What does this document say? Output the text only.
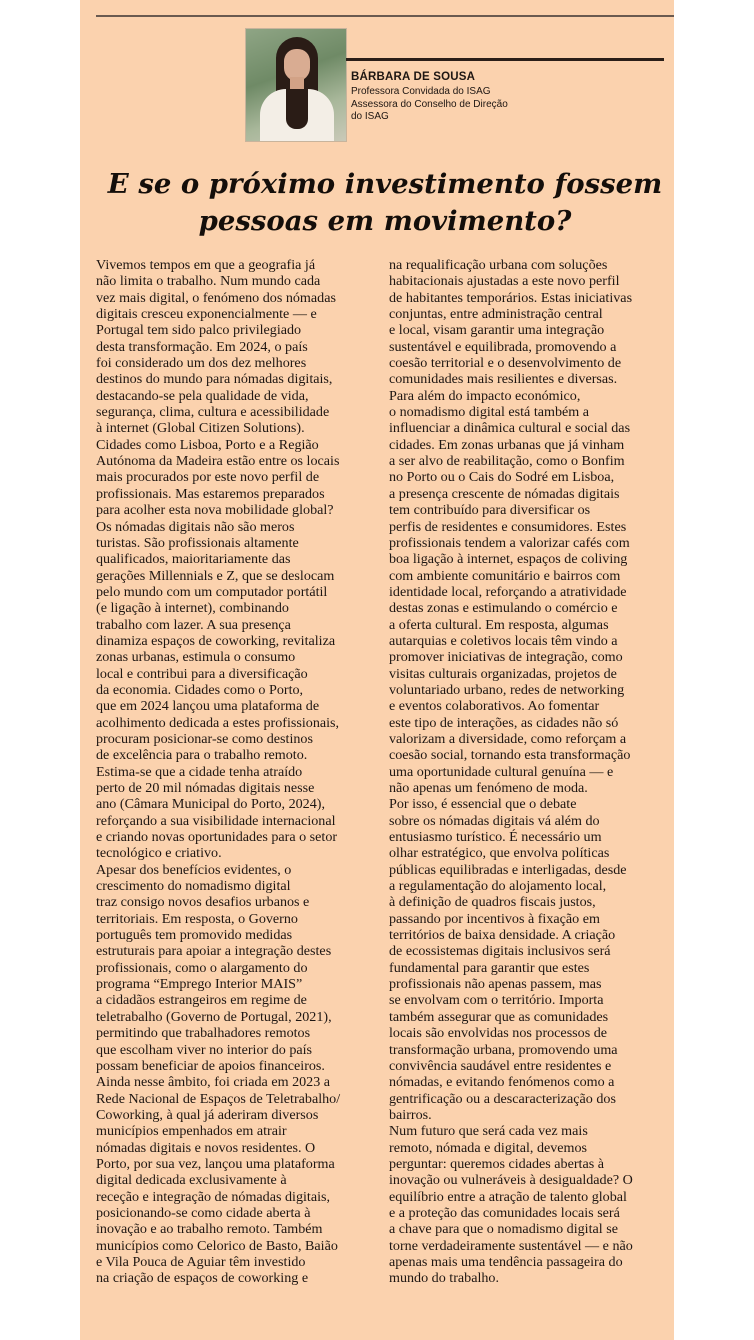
BÁRBARA DE SOUSA
Professora Convidada do ISAG
Assessora do Conselho de Direção
do ISAG
E se o próximo investimento fossem
pessoas em movimento?

Vivemos tempos em que a geografia já

não limita o trabalho. Num mundo cada

vez mais digital, o fenómeno dos nómadas

digitais cresceu exponencialmente — e

Portugal tem sido palco privilegiado

desta transformação. Em 2024, o país

foi considerado um dos dez melhores

destinos do mundo para nómadas digitais,

destacando-se pela qualidade de vida,

segurança, clima, cultura e acessibilidade

à internet (Global Citizen Solutions).

Cidades como Lisboa, Porto e a Região

Autónoma da Madeira estão entre os locais

mais procurados por este novo perfil de

profissionais. Mas estaremos preparados

para acolher esta nova mobilidade global?

Os nómadas digitais não são meros

turistas. São profissionais altamente

qualificados, maioritariamente das

gerações Millennials e Z, que se deslocam

pelo mundo com um computador portátil

(e ligação à internet), combinando

trabalho com lazer. A sua presença

dinamiza espaços de coworking, revitaliza

zonas urbanas, estimula o consumo

local e contribui para a diversificação

da economia. Cidades como o Porto,

que em 2024 lançou uma plataforma de

acolhimento dedicada a estes profissionais,

procuram posicionar-se como destinos

de excelência para o trabalho remoto.

Estima-se que a cidade tenha atraído

perto de 20 mil nómadas digitais nesse

ano (Câmara Municipal do Porto, 2024),

reforçando a sua visibilidade internacional

e criando novas oportunidades para o setor

tecnológico e criativo.

Apesar dos benefícios evidentes, o

crescimento do nomadismo digital

traz consigo novos desafios urbanos e

territoriais. Em resposta, o Governo

português tem promovido medidas

estruturais para apoiar a integração destes

profissionais, como o alargamento do

programa “Emprego Interior MAIS”

a cidadãos estrangeiros em regime de

teletrabalho (Governo de Portugal, 2021),

permitindo que trabalhadores remotos

que escolham viver no interior do país

possam beneficiar de apoios financeiros.

Ainda nesse âmbito, foi criada em 2023 a

Rede Nacional de Espaços de Teletrabalho/

Coworking, à qual já aderiram diversos

municípios empenhados em atrair

nómadas digitais e novos residentes. O

Porto, por sua vez, lançou uma plataforma

digital dedicada exclusivamente à

receção e integração de nómadas digitais,

posicionando-se como cidade aberta à

inovação e ao trabalho remoto. Também

municípios como Celorico de Basto, Baião

e Vila Pouca de Aguiar têm investido

na criação de espaços de coworking e

na requalificação urbana com soluções

habitacionais ajustadas a este novo perfil

de habitantes temporários. Estas iniciativas

conjuntas, entre administração central

e local, visam garantir uma integração

sustentável e equilibrada, promovendo a

coesão territorial e o desenvolvimento de

comunidades mais resilientes e diversas.

Para além do impacto económico,

o nomadismo digital está também a

influenciar a dinâmica cultural e social das

cidades. Em zonas urbanas que já vinham

a ser alvo de reabilitação, como o Bonfim

no Porto ou o Cais do Sodré em Lisboa,

a presença crescente de nómadas digitais

tem contribuído para diversificar os

perfis de residentes e consumidores. Estes

profissionais tendem a valorizar cafés com

boa ligação à internet, espaços de coliving

com ambiente comunitário e bairros com

identidade local, reforçando a atratividade

destas zonas e estimulando o comércio e

a oferta cultural. Em resposta, algumas

autarquias e coletivos locais têm vindo a

promover iniciativas de integração, como

visitas culturais organizadas, projetos de

voluntariado urbano, redes de networking

e eventos colaborativos. Ao fomentar

este tipo de interações, as cidades não só

valorizam a diversidade, como reforçam a

coesão social, tornando esta transformação

uma oportunidade cultural genuína — e

não apenas um fenómeno de moda.

Por isso, é essencial que o debate

sobre os nómadas digitais vá além do

entusiasmo turístico. É necessário um

olhar estratégico, que envolva políticas

públicas equilibradas e interligadas, desde

a regulamentação do alojamento local,

à definição de quadros fiscais justos,

passando por incentivos à fixação em

territórios de baixa densidade. A criação

de ecossistemas digitais inclusivos será

fundamental para garantir que estes

profissionais não apenas passem, mas

se envolvam com o território. Importa

também assegurar que as comunidades

locais são envolvidas nos processos de

transformação urbana, promovendo uma

convivência saudável entre residentes e

nómadas, e evitando fenómenos como a

gentrificação ou a descaracterização dos

bairros.

Num futuro que será cada vez mais

remoto, nómada e digital, devemos

perguntar: queremos cidades abertas à

inovação ou vulneráveis à desigualdade? O

equilíbrio entre a atração de talento global

e a proteção das comunidades locais será

a chave para que o nomadismo digital se

torne verdadeiramente sustentável — e não

apenas mais uma tendência passageira do

mundo do trabalho.
